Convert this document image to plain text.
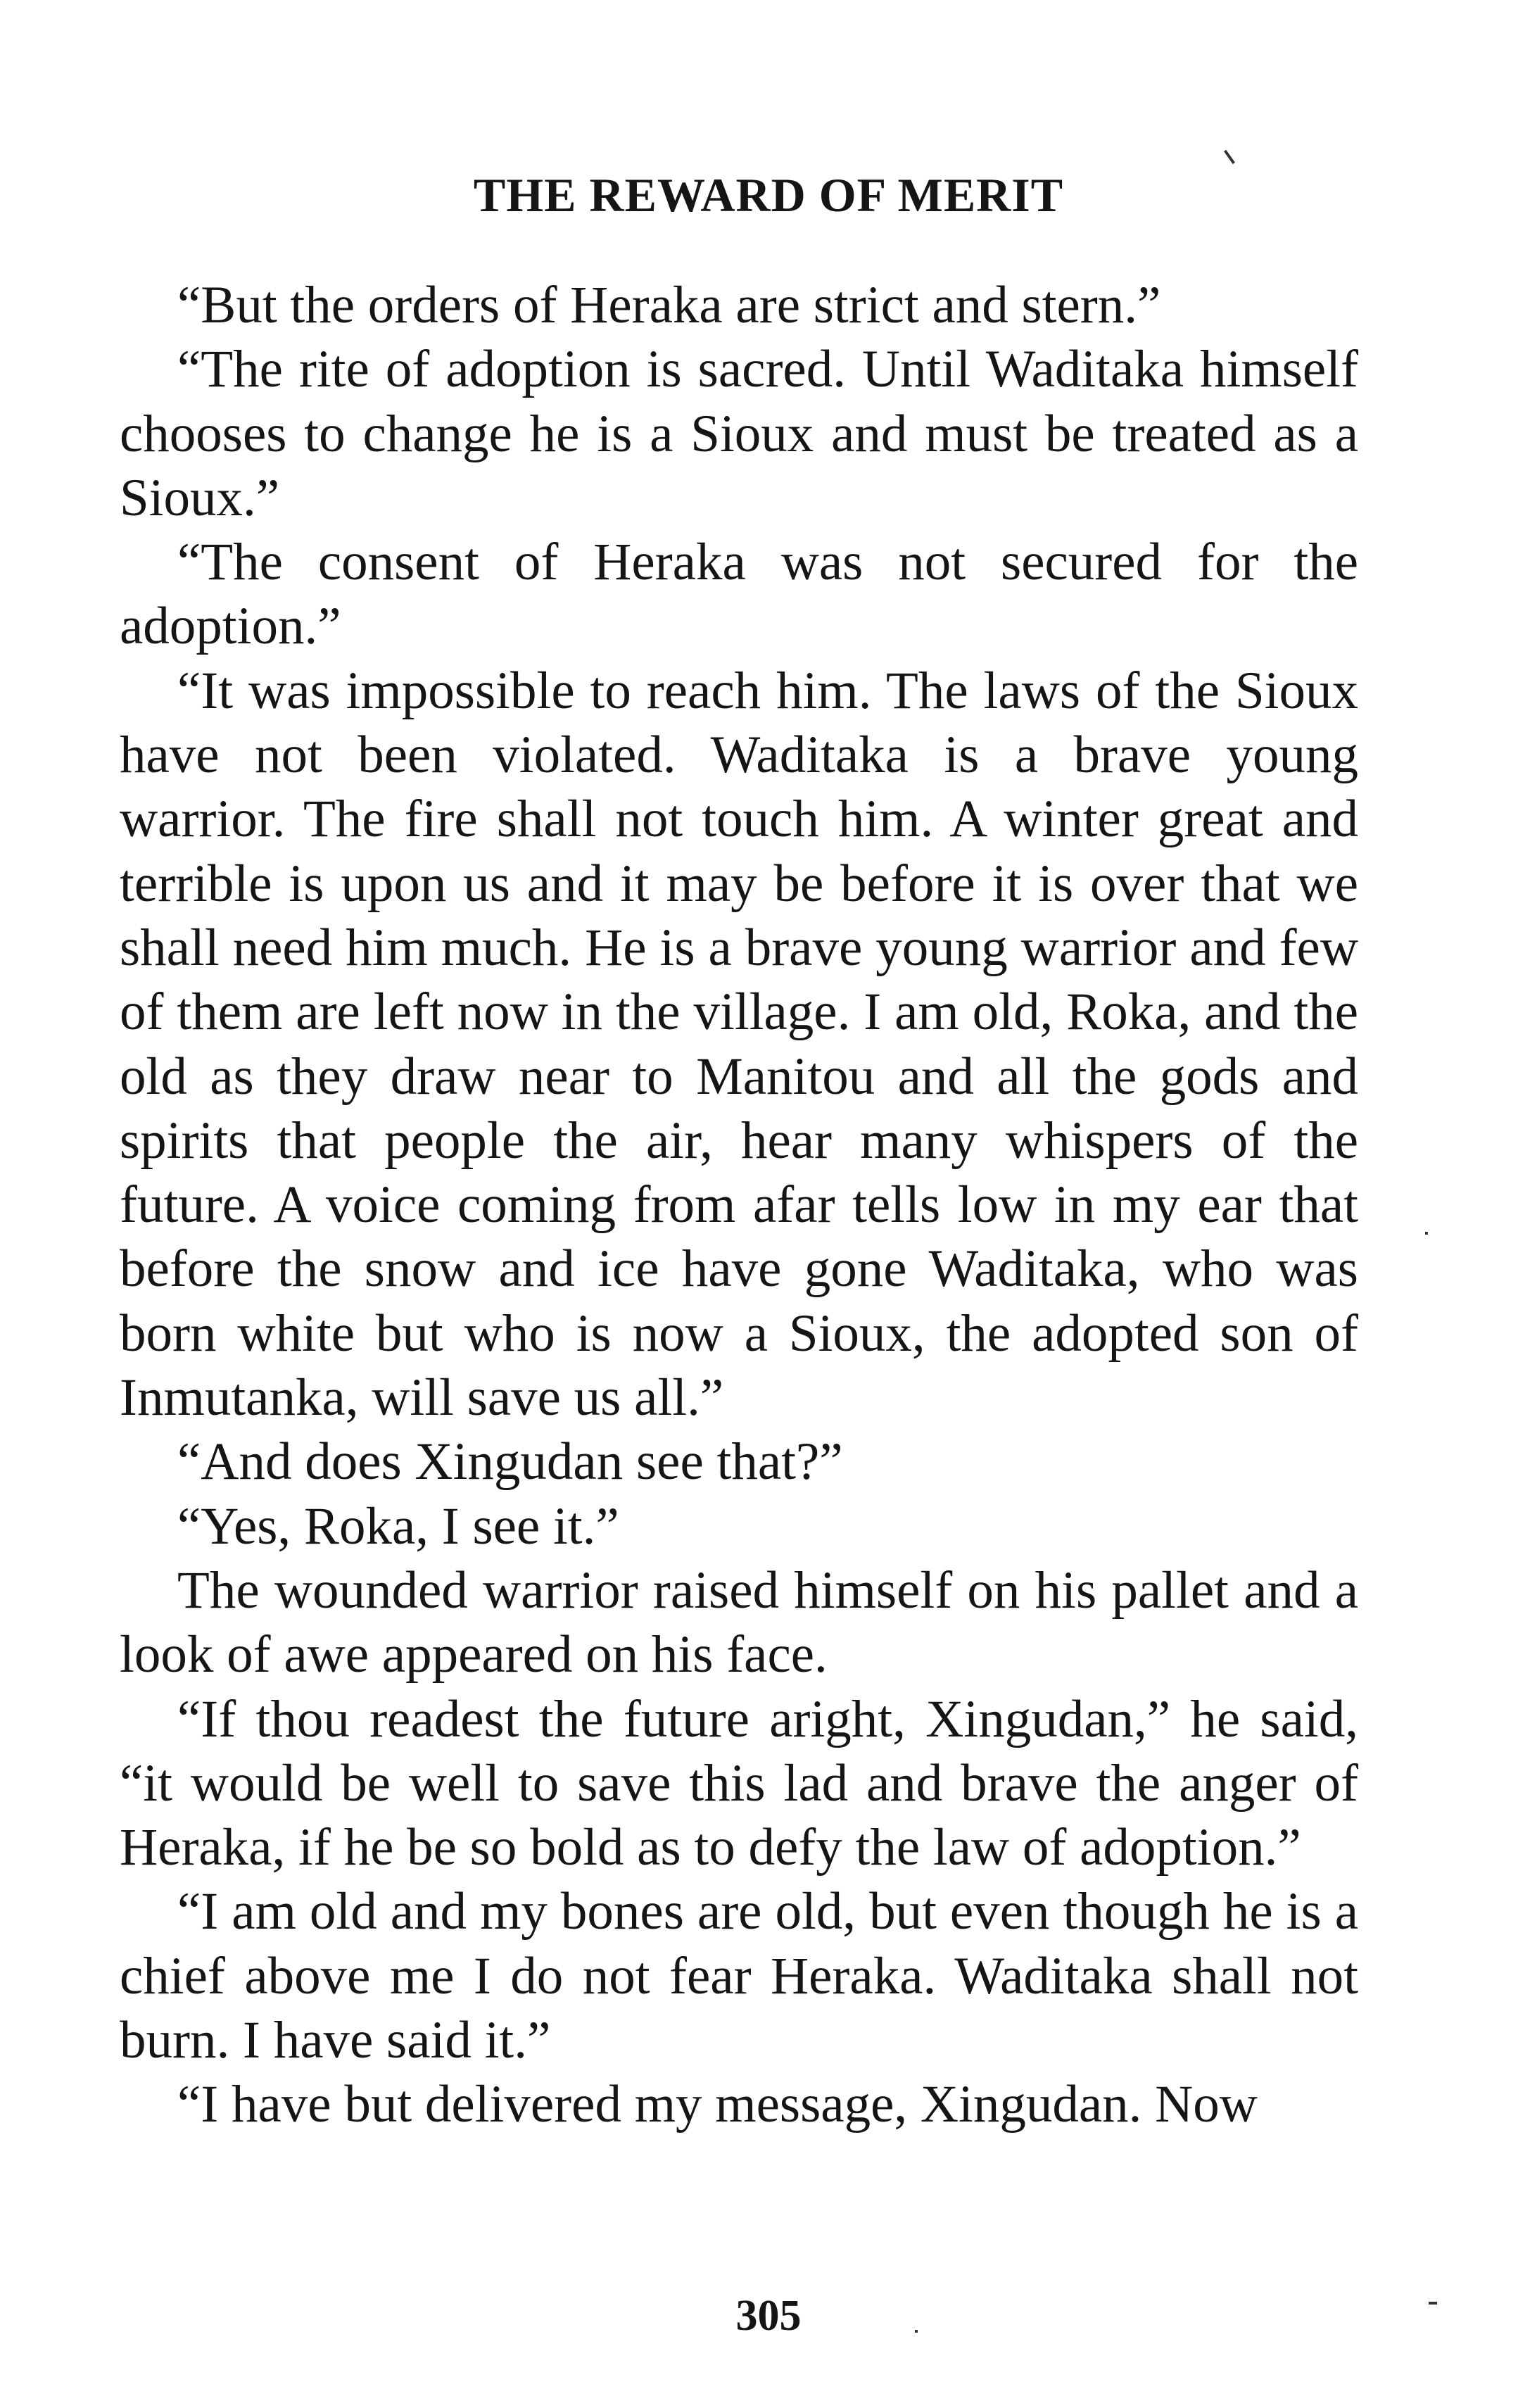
THE REWARD OF MERIT

“But the orders of Heraka are strict and stern.”

“The rite of adoption is sacred. Until Waditaka himself chooses to change he is a Sioux and must be treated as a Sioux.”

“The consent of Heraka was not secured for the adoption.”

“It was impossible to reach him. The laws of the Sioux have not been violated. Waditaka is a brave young warrior. The fire shall not touch him. A winter great and terrible is upon us and it may be before it is over that we shall need him much. He is a brave young warrior and few of them are left now in the village. I am old, Roka, and the old as they draw near to Manitou and all the gods and spirits that people the air, hear many whispers of the future. A voice coming from afar tells low in my ear that before the snow and ice have gone Waditaka, who was born white but who is now a Sioux, the adopted son of Inmutanka, will save us all.”

“And does Xingudan see that?”

“Yes, Roka, I see it.”

The wounded warrior raised himself on his pallet and a look of awe appeared on his face.

“If thou readest the future aright, Xingudan,” he said, “it would be well to save this lad and brave the anger of Heraka, if he be so bold as to defy the law of adoption.”

“I am old and my bones are old, but even though he is a chief above me I do not fear Heraka. Waditaka shall not burn. I have said it.”

“I have but delivered my message, Xingudan. Now

305
